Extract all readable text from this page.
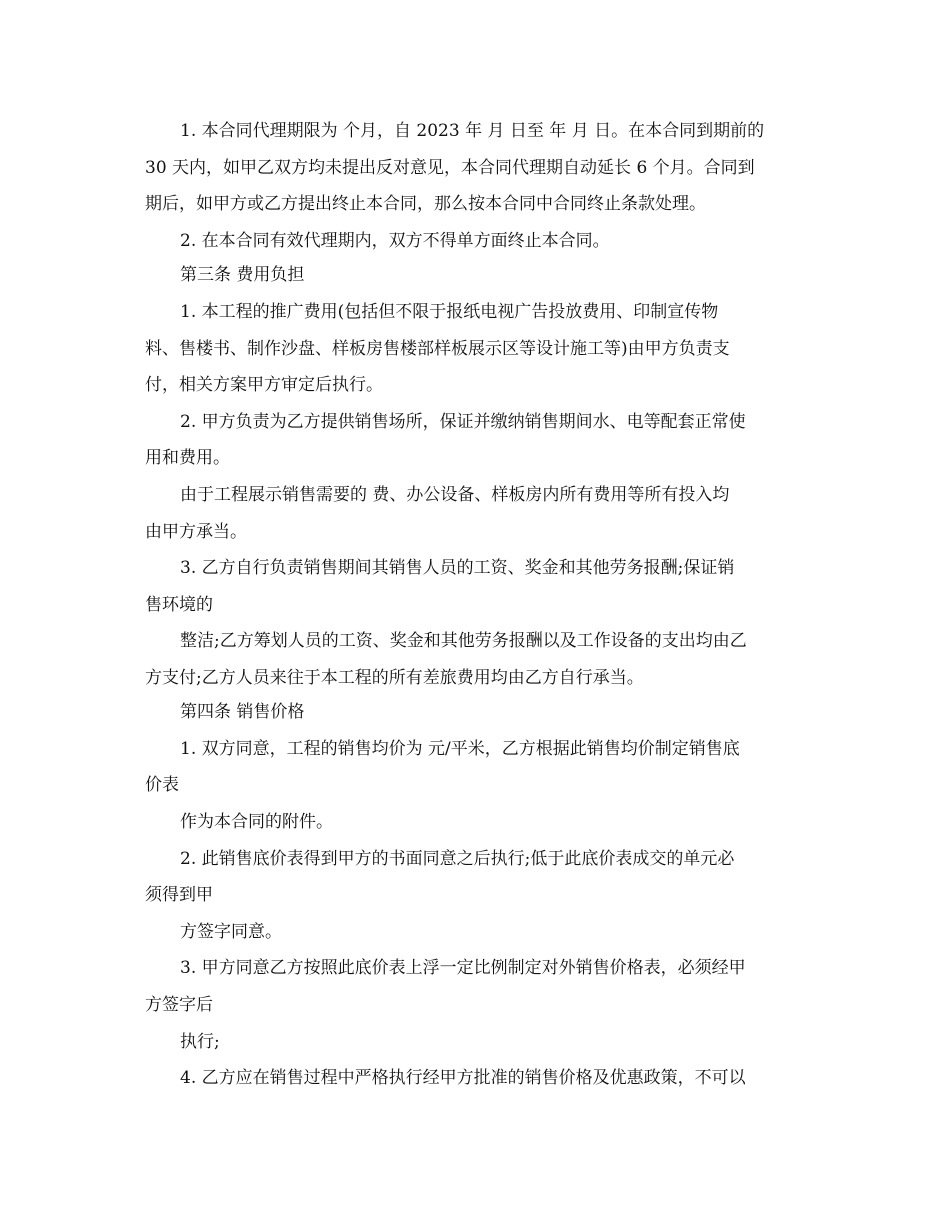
1. 本合同代理期限为 个月，自 2023 年 月 日至 年 月 日。在本合同到期前的
30 天内，如甲乙双方均未提出反对意见，本合同代理期自动延长 6 个月。合同到
期后，如甲方或乙方提出终止本合同，那么按本合同中合同终止条款处理。
2. 在本合同有效代理期内，双方不得单方面终止本合同。
第三条 费用负担
1. 本工程的推广费用(包括但不限于报纸电视广告投放费用、印制宣传物
料、售楼书、制作沙盘、样板房售楼部样板展示区等设计施工等)由甲方负责支
付，相关方案甲方审定后执行。
2. 甲方负责为乙方提供销售场所，保证并缴纳销售期间水、电等配套正常使
用和费用。
由于工程展示销售需要的 费、办公设备、样板房内所有费用等所有投入均
由甲方承当。
3. 乙方自行负责销售期间其销售人员的工资、奖金和其他劳务报酬;保证销
售环境的
整洁;乙方筹划人员的工资、奖金和其他劳务报酬以及工作设备的支出均由乙
方支付;乙方人员来往于本工程的所有差旅费用均由乙方自行承当。
第四条 销售价格
1. 双方同意，工程的销售均价为 元/平米，乙方根据此销售均价制定销售底
价表
作为本合同的附件。
2. 此销售底价表得到甲方的书面同意之后执行;低于此底价表成交的单元必
须得到甲
方签字同意。
3. 甲方同意乙方按照此底价表上浮一定比例制定对外销售价格表，必须经甲
方签字后
执行;
4. 乙方应在销售过程中严格执行经甲方批准的销售价格及优惠政策，不可以
